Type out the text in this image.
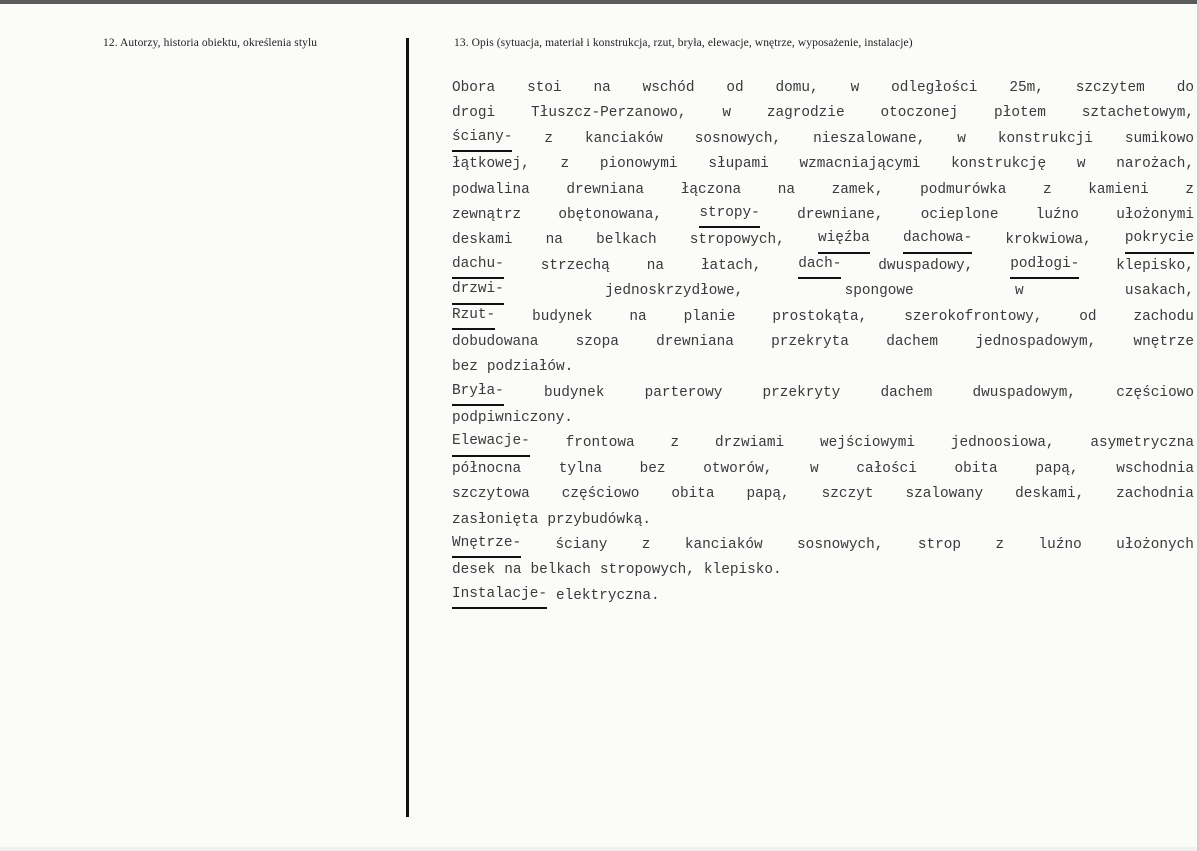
12. Autorzy, historia obiektu, określenia stylu	13. Opis (sytuacja, materiał i konstrukcja, rzut, bryła, elewacje, wnętrze, wyposażenie, instalacje)
Obora stoi na wschód od domu, w odległości 25m, szczytem do
drogi Tłuszcz-Perzanowo, w zagrodzie otoczonej płotem sztachetowym,
ściany- z kanciaków sosnowych, nieszalowane, w konstrukcji sumikowo
łątkowej, z pionowymi słupami wzmacniającymi konstrukcję w narożach,
podwalina	drewniana	łączona	na	zamek,	podmurówka	z	kamieni	z
zewnątrz	obętonowana,	stropy-	drewniane,	ocieplone	luźno	ułożonymi
deskami na belkach stropowych, więźba dachowa- krokwiowa, pokrycie
dachu-	strzechą	na	łatach,	dach-	dwuspadowy,	podłogi-	klepisko,
drzwi-	jednoskrzydłowe,	spongowe	w	usakach,
Rzut-	budynek	na	planie	prostokąta,	szerokofrontowy,	od	zachodu
dobudowana	szopa	drewniana	przekryta	dachem	jednospadowym,	wnętrze
bez podziałów.
Bryła-	budynek	parterowy	przekryty	dachem	dwuspadowym,	częściowo
podpiwniczony.
Elewacje- frontowa z drzwiami wejściowymi jednoosiowa, asymetryczna
północna	tylna	bez	otworów,	w	całości	obita	papą,	wschodnia
szczytowa częściowo obita papą, szczyt szalowany deskami, zachodnia
zasłonięta przybudówką.
Wnętrze- ściany z kanciaków sosnowych, strop z luźno ułożonych
desek na belkach stropowych, klepisko.
Instalacje- elektryczna.
